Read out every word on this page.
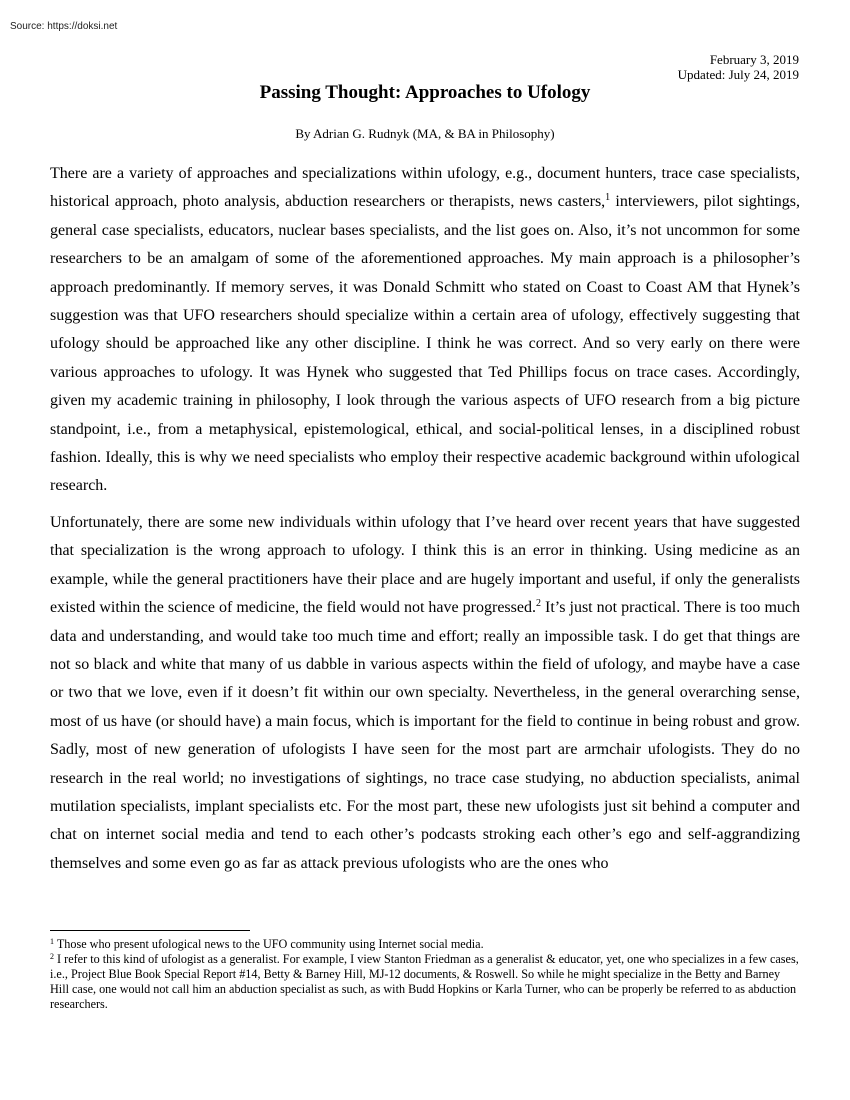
Source: https://doksi.net
February 3, 2019
Updated: July 24, 2019
Passing Thought: Approaches to Ufology
By Adrian G. Rudnyk (MA, & BA in Philosophy)

There are a variety of approaches and specializations within ufology, e.g., document hunters, trace case specialists, historical approach, photo analysis, abduction researchers or therapists, news casters,$^1$ interviewers, pilot sightings, general case specialists, educators, nuclear bases specialists, and the list goes on. Also, it’s not uncommon for some researchers to be an amalgam of some of the aforementioned approaches. My main approach is a philosopher’s approach predominantly. If memory serves, it was Donald Schmitt who stated on Coast to Coast AM that Hynek’s suggestion was that UFO researchers should specialize within a certain area of ufology, effectively suggesting that ufology should be approached like any other discipline. I think he was correct. And so very early on there were various approaches to ufology. It was Hynek who suggested that Ted Phillips focus on trace cases. Accordingly, given my academic training in philosophy, I look through the various aspects of UFO research from a big picture standpoint, i.e., from a metaphysical, epistemological, ethical, and social-political lenses, in a disciplined robust fashion. Ideally, this is why we need specialists who employ their respective academic background within ufological research.

Unfortunately, there are some new individuals within ufology that I’ve heard over recent years that have suggested that specialization is the wrong approach to ufology. I think this is an error in thinking. Using medicine as an example, while the general practitioners have their place and are hugely important and useful, if only the generalists existed within the science of medicine, the field would not have progressed.$^2$ It’s just not practical. There is too much data and understanding, and would take too much time and effort; really an impossible task. I do get that things are not so black and white that many of us dabble in various aspects within the field of ufology, and maybe have a case or two that we love, even if it doesn’t fit within our own specialty. Nevertheless, in the general overarching sense, most of us have (or should have) a main focus, which is important for the field to continue in being robust and grow. Sadly, most of new generation of ufologists I have seen for the most part are armchair ufologists. They do no research in the real world; no investigations of sightings, no trace case studying, no abduction specialists, animal mutilation specialists, implant specialists etc. For the most part, these new ufologists just sit behind a computer and chat on internet social media and tend to each other’s podcasts stroking each other’s ego and self-aggrandizing themselves and some even go as far as attack previous ufologists who are the ones who

$^1$ Those who present ufological news to the UFO community using Internet social media.

$^2$ I refer to this kind of ufologist as a generalist. For example, I view Stanton Friedman as a generalist & educator, yet, one who specializes in a few cases, i.e., Project Blue Book Special Report #14, Betty & Barney Hill, MJ-12 documents, & Roswell. So while he might specialize in the Betty and Barney Hill case, one would not call him an abduction specialist as such, as with Budd Hopkins or Karla Turner, who can be properly be referred to as abduction researchers.
